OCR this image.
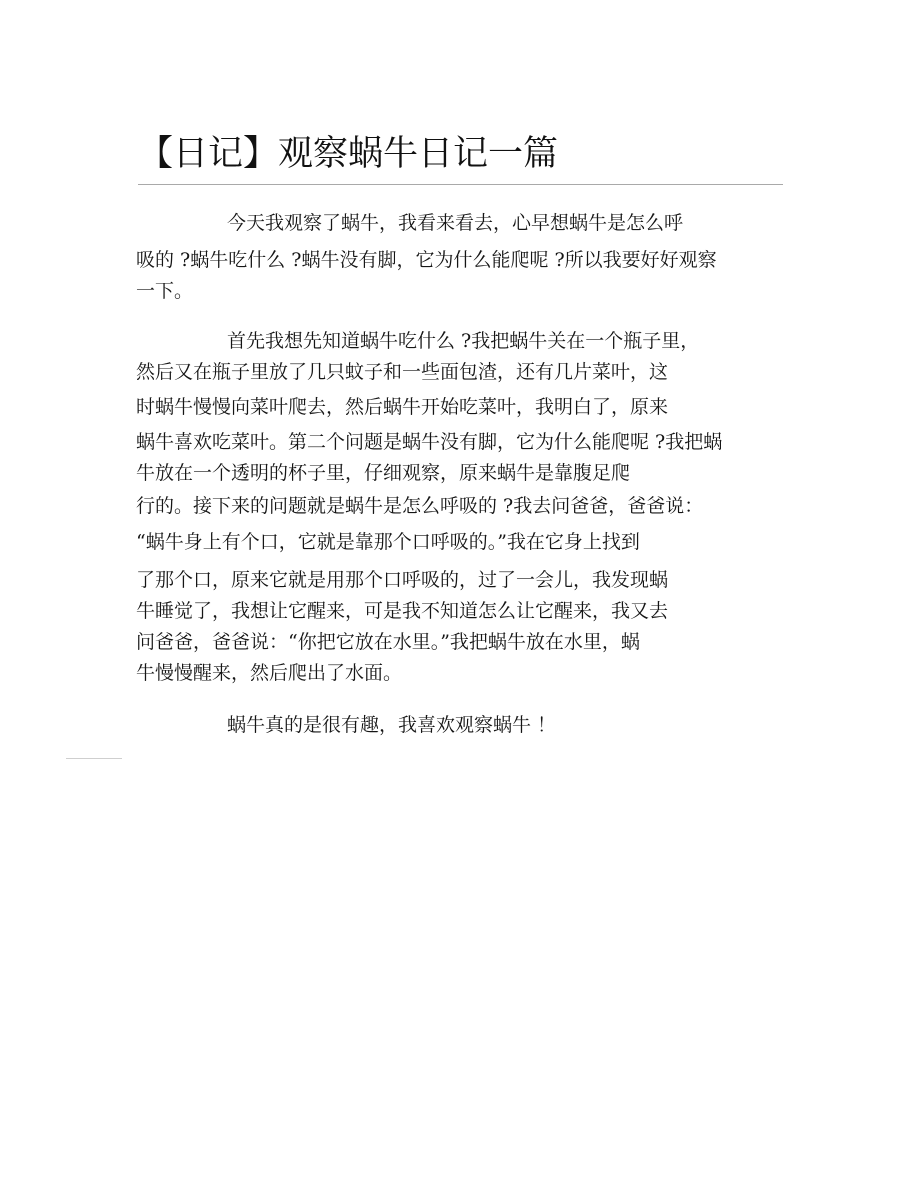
【日记】观察蜗牛日记一篇
今天我观察了蜗牛，我看来看去，心早想蜗牛是怎么呼
吸的 ?蜗牛吃什么 ?蜗牛没有脚，它为什么能爬呢 ?所以我要好好观察
一下。
首先我想先知道蜗牛吃什么 ?我把蜗牛关在一个瓶子里，
然后又在瓶子里放了几只蚊子和一些面包渣，还有几片菜叶，这
时蜗牛慢慢向菜叶爬去，然后蜗牛开始吃菜叶，我明白了，原来
蜗牛喜欢吃菜叶。第二个问题是蜗牛没有脚，它为什么能爬呢 ?我把蜗
牛放在一个透明的杯子里，仔细观察，原来蜗牛是靠腹足爬
行的。接下来的问题就是蜗牛是怎么呼吸的 ?我去问爸爸，爸爸说：
“蜗牛身上有个口，它就是靠那个口呼吸的。”我在它身上找到
了那个口，原来它就是用那个口呼吸的，过了一会儿，我发现蜗
牛睡觉了，我想让它醒来，可是我不知道怎么让它醒来，我又去
问爸爸，爸爸说：“你把它放在水里。”我把蜗牛放在水里，蜗
牛慢慢醒来，然后爬出了水面。
蜗牛真的是很有趣，我喜欢观察蜗牛 ！
